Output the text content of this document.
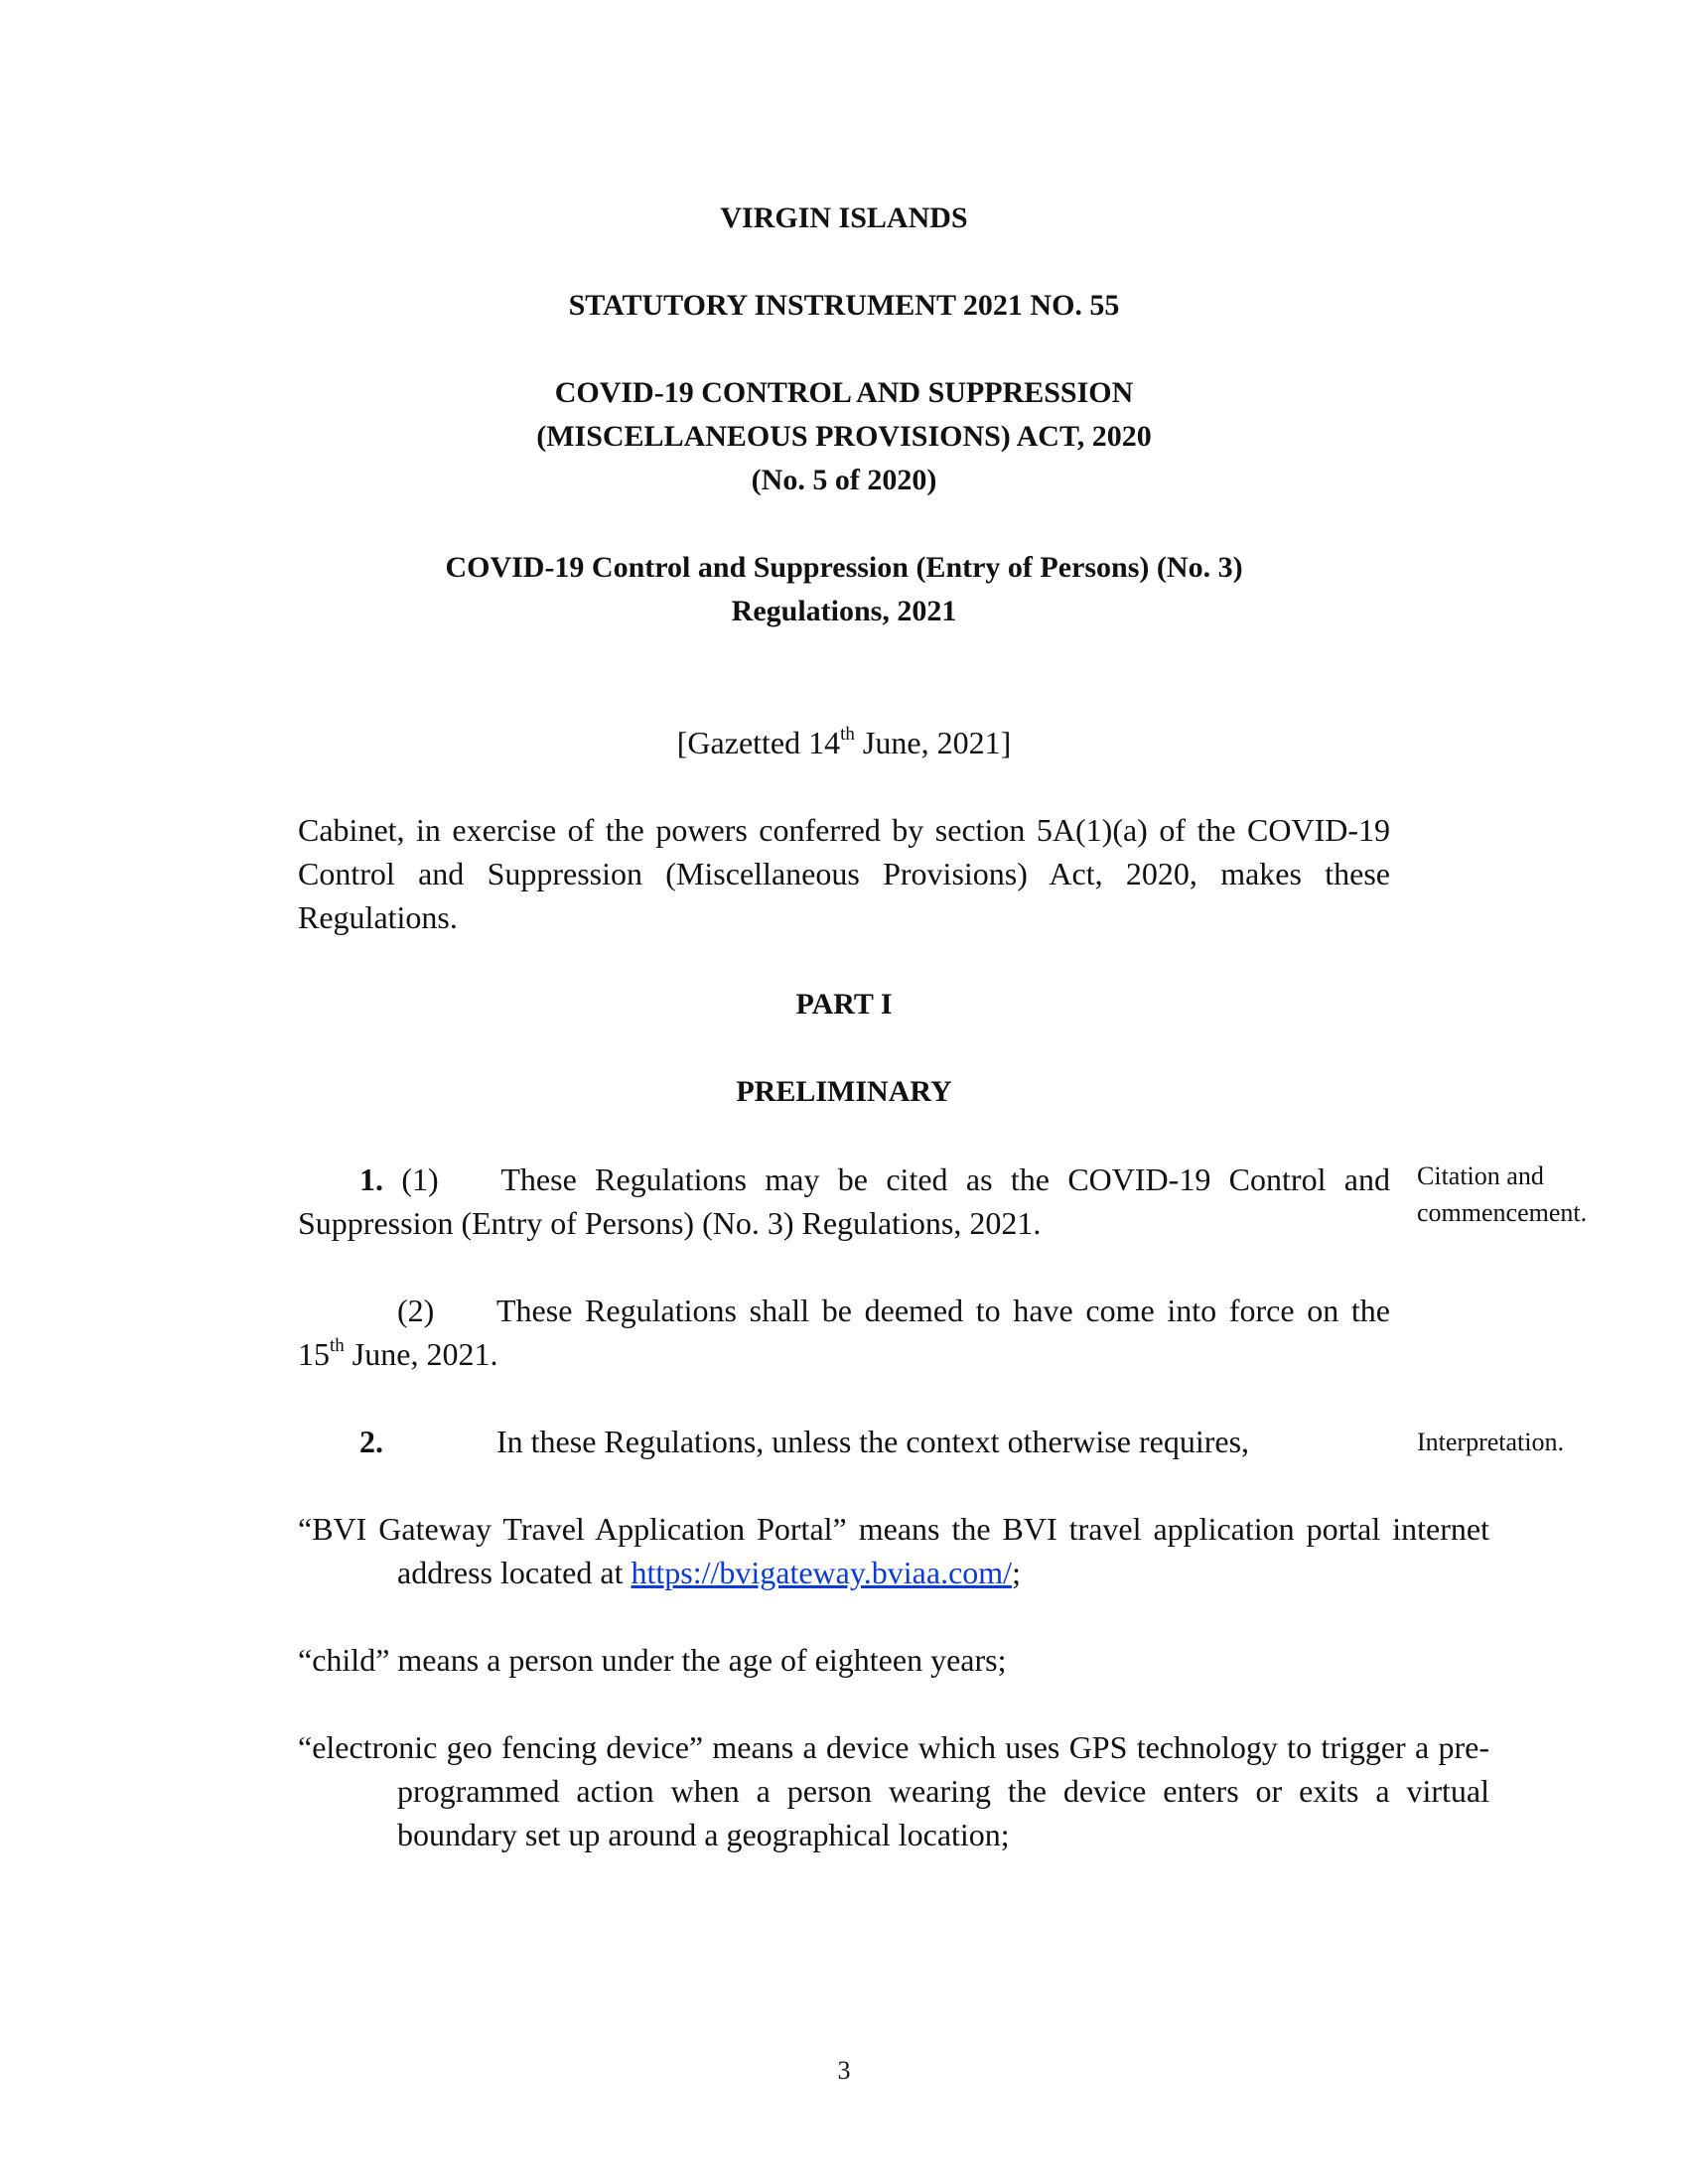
VIRGIN ISLANDS
STATUTORY INSTRUMENT 2021 NO. 55
COVID-19 CONTROL AND SUPPRESSION
(MISCELLANEOUS PROVISIONS) ACT, 2020
(No. 5 of 2020)
COVID-19 Control and Suppression (Entry of Persons) (No. 3)
Regulations, 2021
[Gazetted 14th June, 2021]
Cabinet, in exercise of the powers conferred by section 5A(1)(a) of the COVID-19 Control and Suppression (Miscellaneous Provisions) Act, 2020, makes these Regulations.
PART I
PRELIMINARY
1. (1) These Regulations may be cited as the COVID-19 Control and Suppression (Entry of Persons) (No. 3) Regulations, 2021.
Citation and commencement.
(2) These Regulations shall be deemed to have come into force on the 15th June, 2021.
2.	In these Regulations, unless the context otherwise requires,	Interpretation.
“BVI Gateway Travel Application Portal” means the BVI travel application portal internet address located at https://bvigateway.bviaa.com/;
“child” means a person under the age of eighteen years;
“electronic geo fencing device” means a device which uses GPS technology to trigger a pre-programmed action when a person wearing the device enters or exits a virtual boundary set up around a geographical location;
3
